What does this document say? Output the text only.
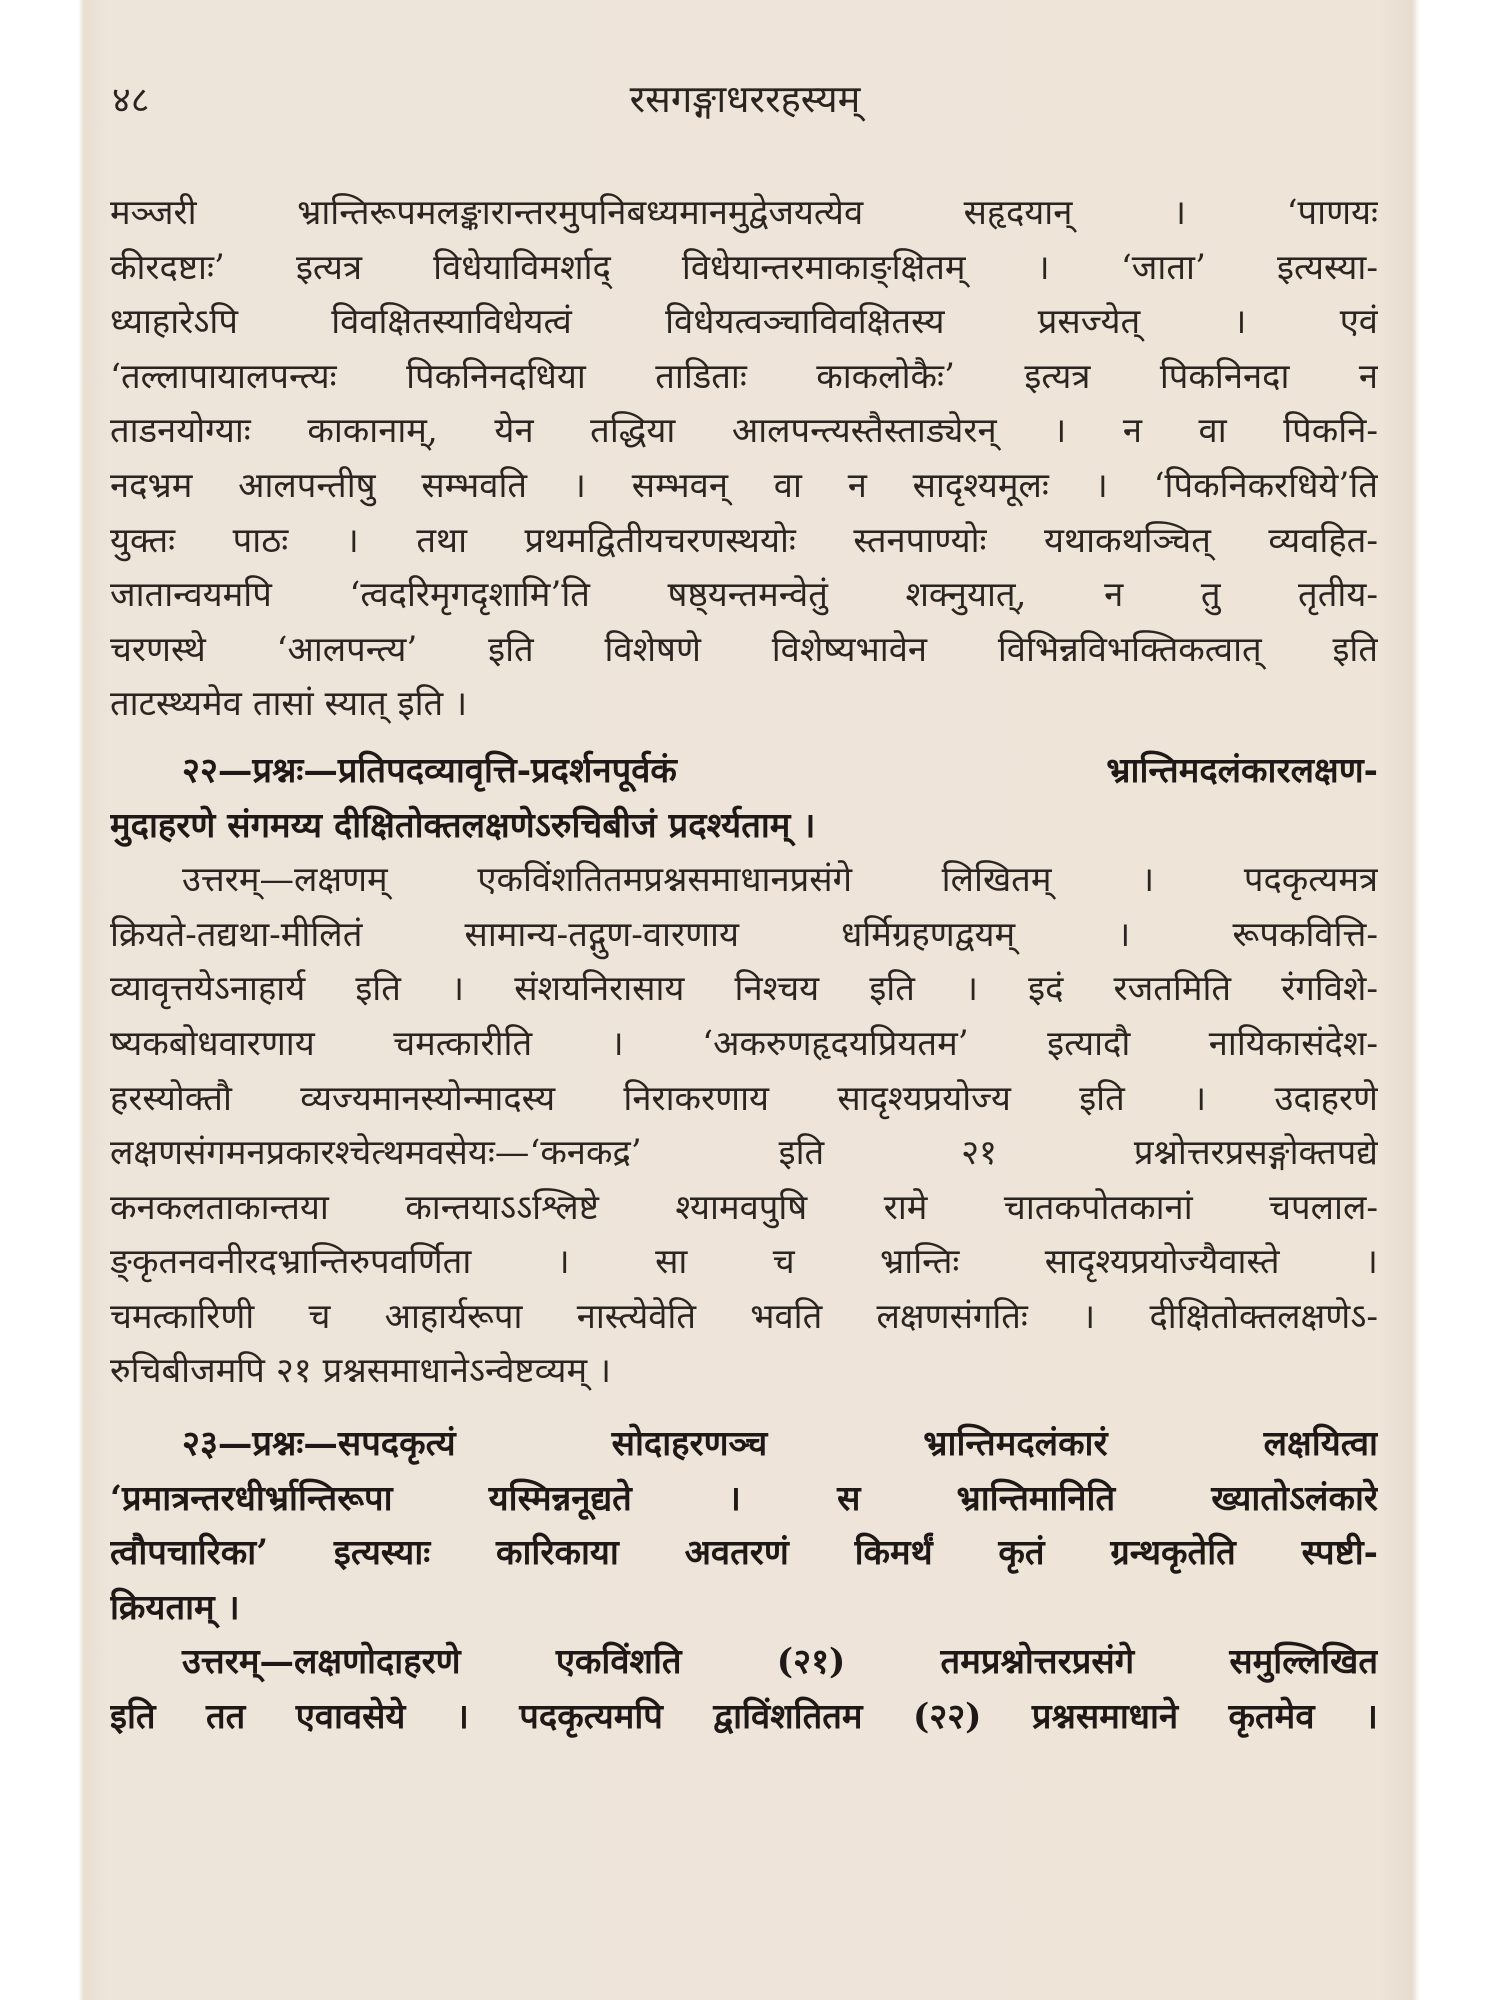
४८	रसगङ्गाधररहस्यम्

मञ्जरी भ्रान्तिरूपमलङ्कारान्तरमुपनिबध्यमानमुद्वेजयत्येव सहृदयान् । ‘पाणयः

कीरदष्टाः’ इत्यत्र विधेयाविमर्शाद् विधेयान्तरमाकाङ्क्षितम् । ‘जाता’ इत्यस्या-

ध्याहारेऽपि विवक्षितस्याविधेयत्वं विधेयत्वञ्चाविवक्षितस्य प्रसज्येत् । एवं

‘तल्लापायालपन्त्यः पिकनिनदधिया ताडिताः काकलोकैः’ इत्यत्र पिकनिनदा न

ताडनयोग्याः काकानाम्, येन तद्धिया आलपन्त्यस्तैस्ताड्येरन् । न वा पिकनि-

नदभ्रम आलपन्तीषु सम्भवति । सम्भवन् वा न सादृश्यमूलः । ‘पिकनिकरधिये’ति

युक्तः पाठः । तथा प्रथमद्वितीयचरणस्थयोः स्तनपाण्योः यथाकथञ्चित् व्यवहित-

जातान्वयमपि ‘त्वदरिमृगदृशामि’ति षष्ठ्यन्तमन्वेतुं शक्नुयात्, न तु तृतीय-

चरणस्थे ‘आलपन्त्य’ इति विशेषणे विशेष्यभावेन विभिन्नविभक्तिकत्वात् इति

ताटस्थ्यमेव तासां स्यात् इति ।

२२—प्रश्नः—प्रतिपदव्यावृत्ति-प्रदर्शनपूर्वकं भ्रान्तिमदलंकारलक्षण-

मुदाहरणे संगमय्य दीक्षितोक्तलक्षणेऽरुचिबीजं प्रदर्श्यताम् ।

उत्तरम्—लक्षणम् एकविंशतितमप्रश्नसमाधानप्रसंगे लिखितम् । पदकृत्यमत्र

क्रियते-तद्यथा-मीलितं सामान्य-तद्गुण-वारणाय धर्मिग्रहणद्वयम् । रूपकवित्ति-

व्यावृत्तयेऽनाहार्य इति । संशयनिरासाय निश्चय इति । इदं रजतमिति रंगविशे-

ष्यकबोधवारणाय चमत्कारीति । ‘अकरुणहृदयप्रियतम’ इत्यादौ नायिकासंदेश-

हरस्योक्तौ व्यज्यमानस्योन्मादस्य निराकरणाय सादृश्यप्रयोज्य इति । उदाहरणे

लक्षणसंगमनप्रकारश्चेत्थमवसेयः—‘कनकद्र’ इति २१ प्रश्नोत्तरप्रसङ्गोक्तपद्ये

कनकलताकान्तया कान्तयाऽऽश्लिष्टे श्यामवपुषि रामे चातकपोतकानां चपलाल-

ङ्कृतनवनीरदभ्रान्तिरुपवर्णिता । सा च भ्रान्तिः सादृश्यप्रयोज्यैवास्ते ।

चमत्कारिणी च आहार्यरूपा नास्त्येवेति भवति लक्षणसंगतिः । दीक्षितोक्तलक्षणेऽ-

रुचिबीजमपि २१ प्रश्नसमाधानेऽन्वेष्टव्यम् ।

२३—प्रश्नः—सपदकृत्यं सोदाहरणञ्च भ्रान्तिमदलंकारं लक्षयित्वा

‘प्रमात्रन्तरधीर्भ्रान्तिरूपा यस्मिन्ननूद्यते । स भ्रान्तिमानिति ख्यातोऽलंकारे

त्वौपचारिका’ इत्यस्याः कारिकाया अवतरणं किमर्थं कृतं ग्रन्थकृतेति स्पष्टी-

क्रियताम् ।

उत्तरम्—लक्षणोदाहरणे एकविंशति (२१) तमप्रश्नोत्तरप्रसंगे समुल्लिखित

इति तत एवावसेये । पदकृत्यमपि द्वाविंशतितम (२२) प्रश्नसमाधाने कृतमेव ।
